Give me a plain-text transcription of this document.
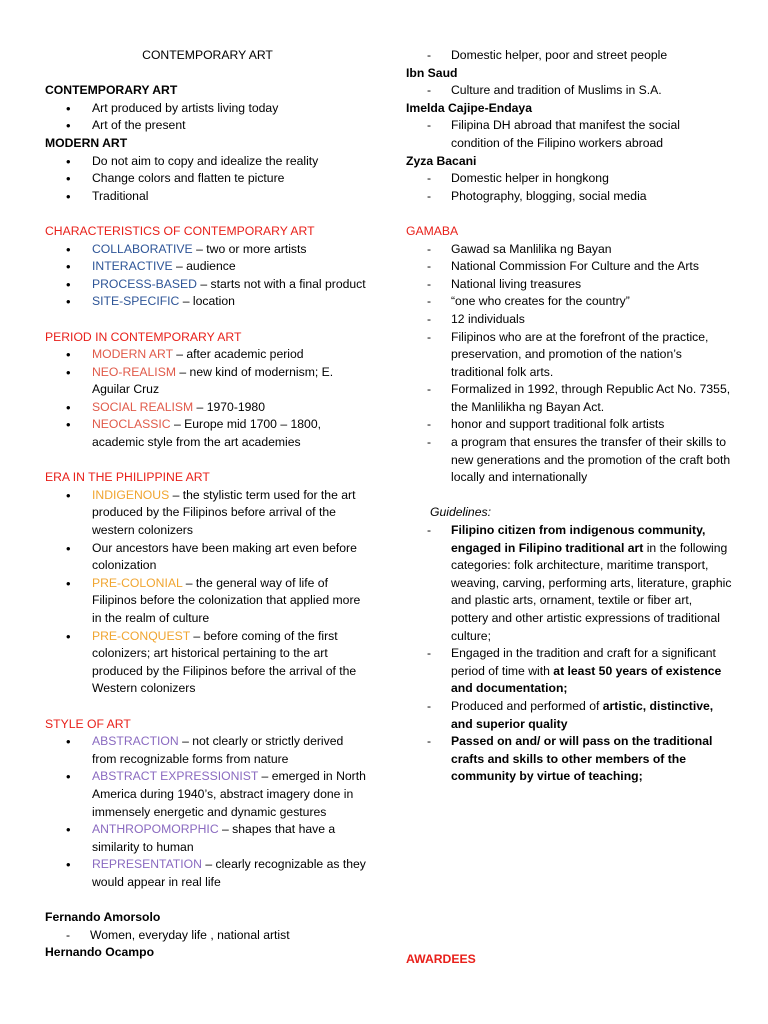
CONTEMPORARY ART
CONTEMPORARY ART
• Art produced by artists living today
• Art of the present
MODERN ART
• Do not aim to copy and idealize the reality
• Change colors and flatten te picture
• Traditional
CHARACTERISTICS OF CONTEMPORARY ART
• COLLABORATIVE – two or more artists
• INTERACTIVE – audience
• PROCESS-BASED – starts not with a final product
• SITE-SPECIFIC – location
PERIOD IN CONTEMPORARY ART
• MODERN ART – after academic period
• NEO-REALISM – new kind of modernism; E. Aguilar Cruz
• SOCIAL REALISM – 1970-1980
• NEOCLASSIC – Europe mid 1700 – 1800, academic style from the art academies
ERA IN THE PHILIPPINE ART
• INDIGENOUS – the stylistic term used for the art produced by the Filipinos before arrival of the western colonizers
• Our ancestors have been making art even before colonization
• PRE-COLONIAL – the general way of life of Filipinos before the colonization that applied more in the realm of culture
• PRE-CONQUEST – before coming of the first colonizers; art historical pertaining to the art produced by the Filipinos before the arrival of the Western colonizers
STYLE OF ART
• ABSTRACTION – not clearly or strictly derived from recognizable forms from nature
• ABSTRACT EXPRESSIONIST – emerged in North America during 1940’s, abstract imagery done in immensely energetic and dynamic gestures
• ANTHROPOMORPHIC – shapes that have a similarity to human
• REPRESENTATION – clearly recognizable as they would appear in real life
Fernando Amorsolo
- Women, everyday life , national artist
Hernando Ocampo
- Domestic helper, poor and street people
Ibn Saud
- Culture and tradition of Muslims in S.A.
Imelda Cajipe-Endaya
- Filipina DH abroad that manifest the social condition of the Filipino workers abroad
Zyza Bacani
- Domestic helper in hongkong
- Photography, blogging, social media
GAMABA
- Gawad sa Manlilika ng Bayan
- National Commission For Culture and the Arts
- National living treasures
- “one who creates for the country”
- 12 individuals
- Filipinos who are at the forefront of the practice, preservation, and promotion of the nation’s traditional folk arts.
- Formalized in 1992, through Republic Act No. 7355, the Manlilikha ng Bayan Act.
- honor and support traditional folk artists
- a program that ensures the transfer of their skills to new generations and the promotion of the craft both locally and internationally
Guidelines:
- Filipino citizen from indigenous community, engaged in Filipino traditional art in the following categories: folk architecture, maritime transport, weaving, carving, performing arts, literature, graphic and plastic arts, ornament, textile or fiber art, pottery and other artistic expressions of traditional culture;
- Engaged in the tradition and craft for a significant period of time with at least 50 years of existence and documentation;
- Produced and performed of artistic, distinctive, and superior quality
- Passed on and/ or will pass on the traditional crafts and skills to other members of the community by virtue of teaching;
AWARDEES
